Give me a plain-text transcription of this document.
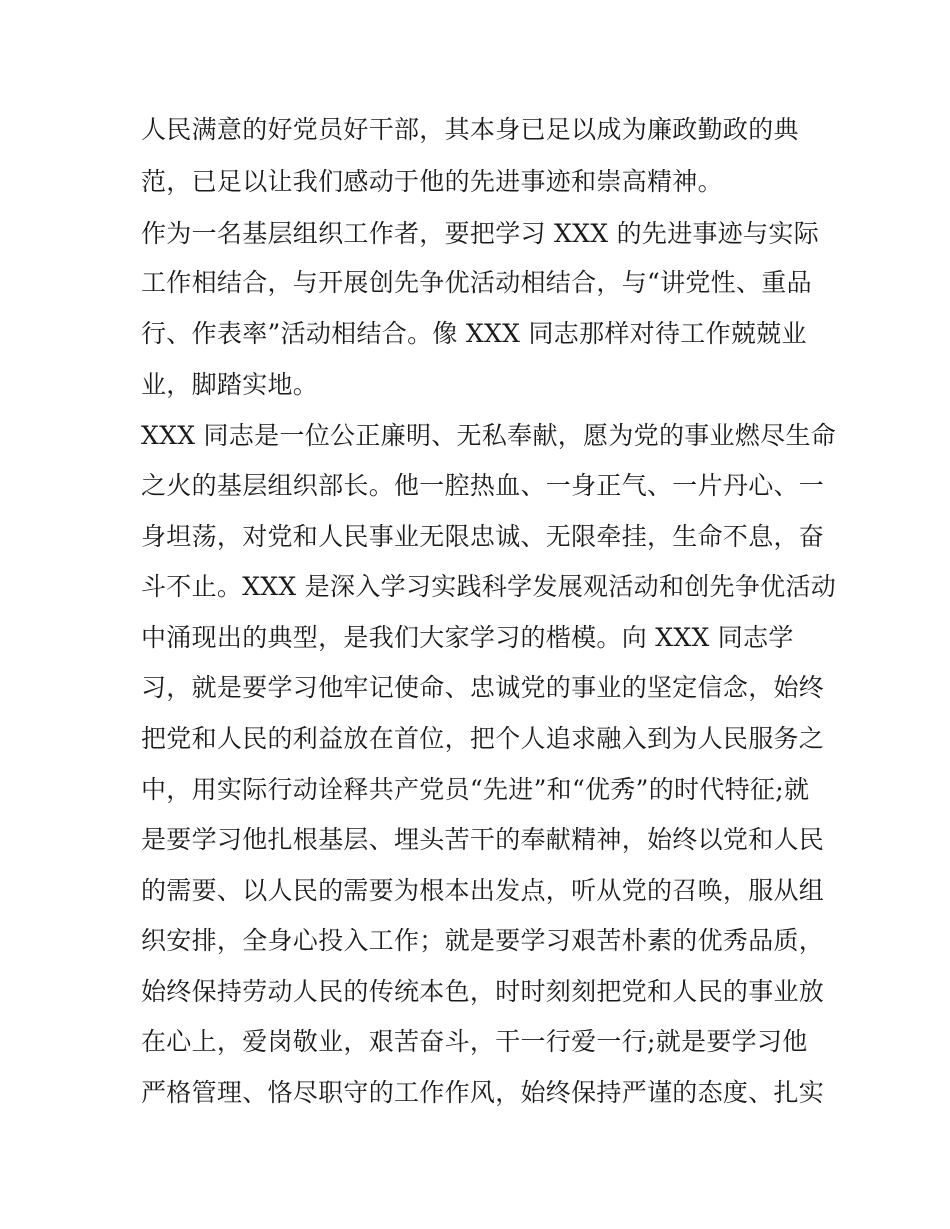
人民满意的好党员好干部，其本身已足以成为廉政勤政的典
范，已足以让我们感动于他的先进事迹和崇高精神。
作为一名基层组织工作者，要把学习 XXX 的先进事迹与实际
工作相结合，与开展创先争优活动相结合，与“讲党性、重品
行、作表率”活动相结合。像 XXX 同志那样对待工作兢兢业
业，脚踏实地。
XXX 同志是一位公正廉明、无私奉献，愿为党的事业燃尽生命
之火的基层组织部长。他一腔热血、一身正气、一片丹心、一
身坦荡，对党和人民事业无限忠诚、无限牵挂，生命不息，奋
斗不止。XXX 是深入学习实践科学发展观活动和创先争优活动
中涌现出的典型，是我们大家学习的楷模。向 XXX 同志学
习，就是要学习他牢记使命、忠诚党的事业的坚定信念，始终
把党和人民的利益放在首位，把个人追求融入到为人民服务之
中，用实际行动诠释共产党员“先进”和“优秀”的时代特征;就
是要学习他扎根基层、埋头苦干的奉献精神，始终以党和人民
的需要、以人民的需要为根本出发点，听从党的召唤，服从组
织安排，全身心投入工作；就是要学习艰苦朴素的优秀品质，
始终保持劳动人民的传统本色，时时刻刻把党和人民的事业放
在心上，爱岗敬业，艰苦奋斗，干一行爱一行;就是要学习他
严格管理、恪尽职守的工作作风，始终保持严谨的态度、扎实
